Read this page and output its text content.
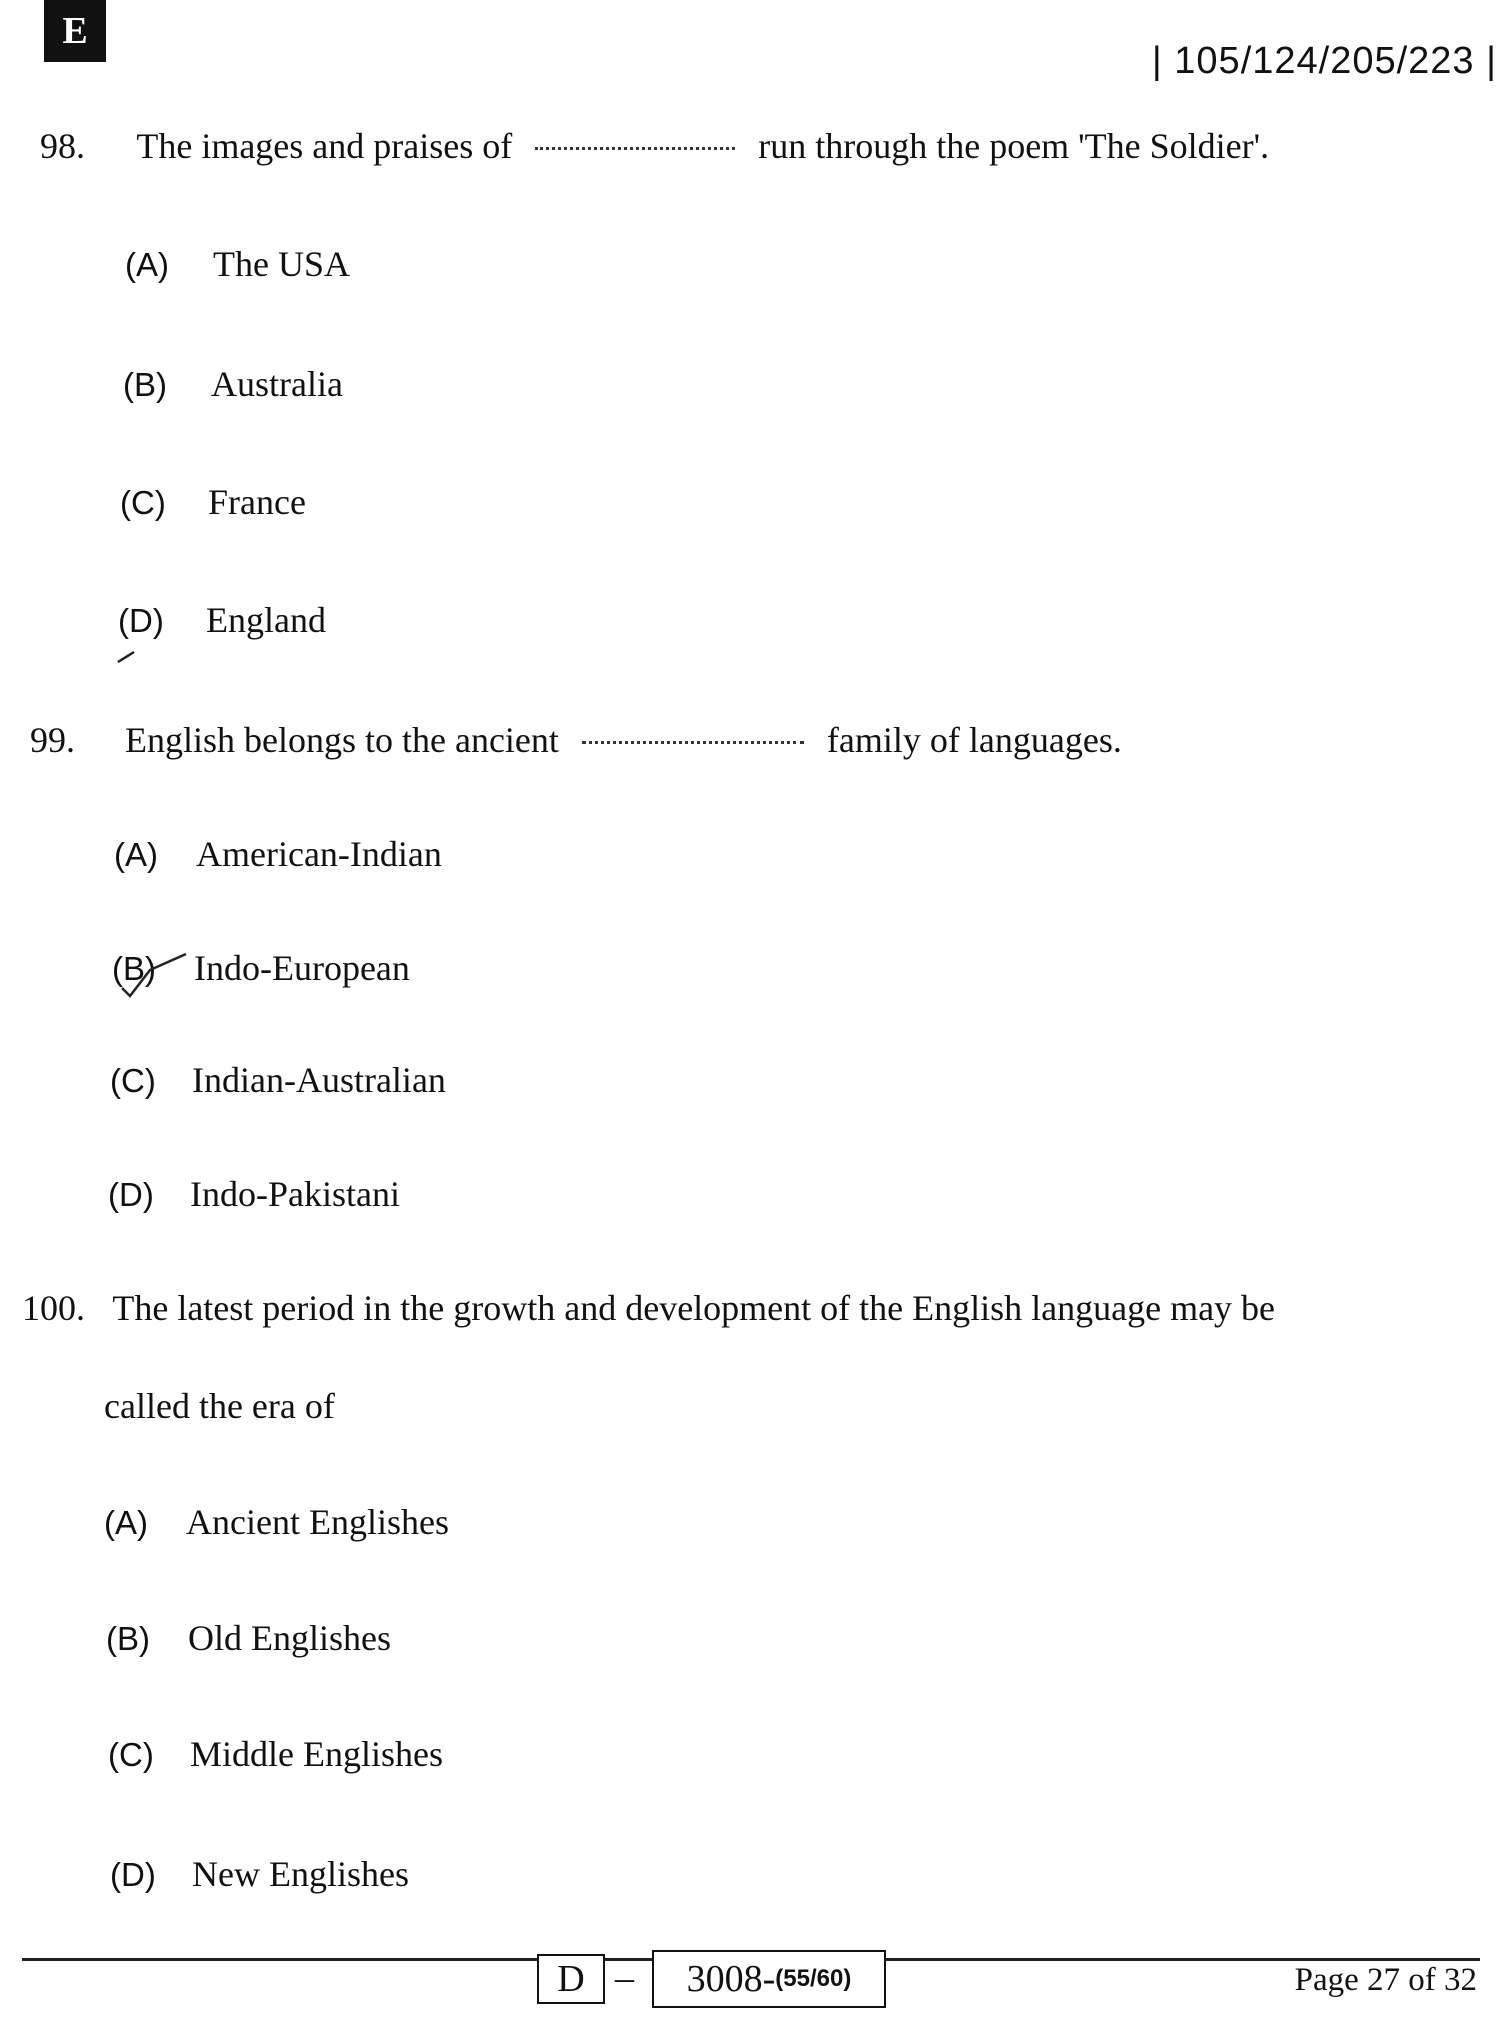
E
| 105/124/205/223 |
98. The images and praises of	run through the poem 'The Soldier'.
(A) The USA
(B) Australia
(C) France
(D) England
99. English belongs to the ancient	family of languages.
(A) American-Indian
(B) Indo-European
(C) Indian-Australian
(D) Indo-Pakistani
100. The latest period in the growth and development of the English language may be
called the era of
(A) Ancient Englishes
(B) Old Englishes
(C) Middle Englishes
(D) New Englishes
D – 3008- (55/60)	Page 27 of 32
